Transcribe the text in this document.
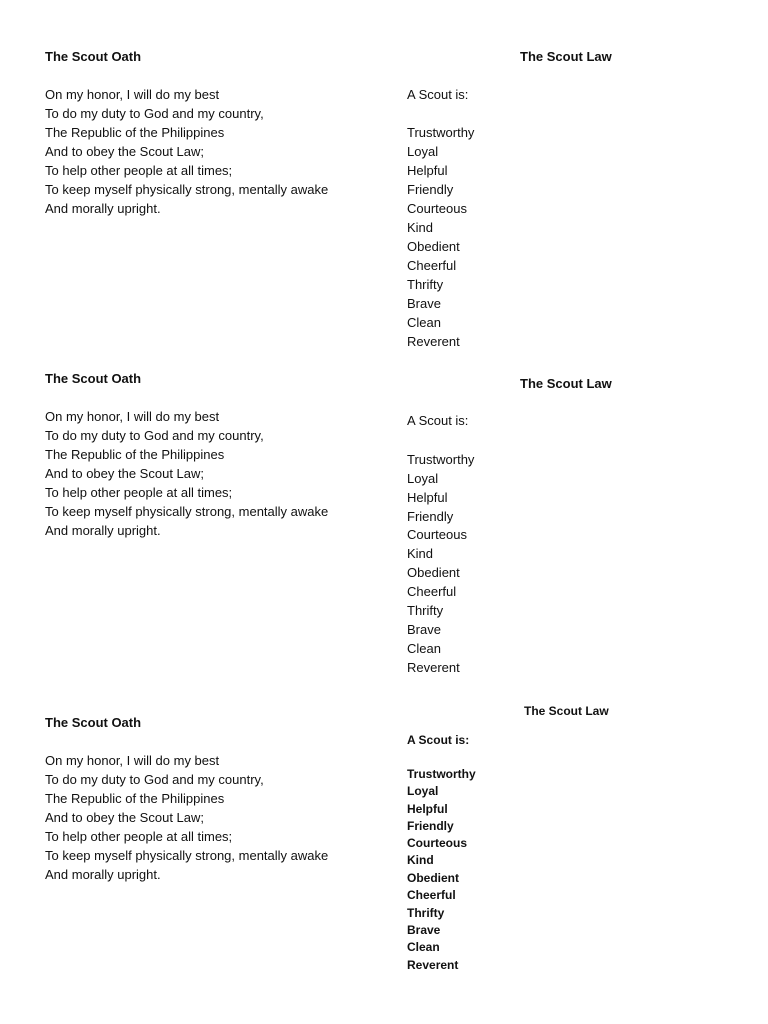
The Scout Oath
On my honor, I will do my best
To do my duty to God and my country,
The Republic of the Philippines
And to obey the Scout Law;
To help other people at all times;
To keep myself physically strong, mentally awake
And morally upright.
The Scout Law
A Scout is:
Trustworthy
Loyal
Helpful
Friendly
Courteous
Kind
Obedient
Cheerful
Thrifty
Brave
Clean
Reverent
The Scout Oath
On my honor, I will do my best
To do my duty to God and my country,
The Republic of the Philippines
And to obey the Scout Law;
To help other people at all times;
To keep myself physically strong, mentally awake
And morally upright.
The Scout Law
A Scout is:
Trustworthy
Loyal
Helpful
Friendly
Courteous
Kind
Obedient
Cheerful
Thrifty
Brave
Clean
Reverent
The Scout Oath
On my honor, I will do my best
To do my duty to God and my country,
The Republic of the Philippines
And to obey the Scout Law;
To help other people at all times;
To keep myself physically strong, mentally awake
And morally upright.
The Scout Law
A Scout is:
Trustworthy
Loyal
Helpful
Friendly
Courteous
Kind
Obedient
Cheerful
Thrifty
Brave
Clean
Reverent
